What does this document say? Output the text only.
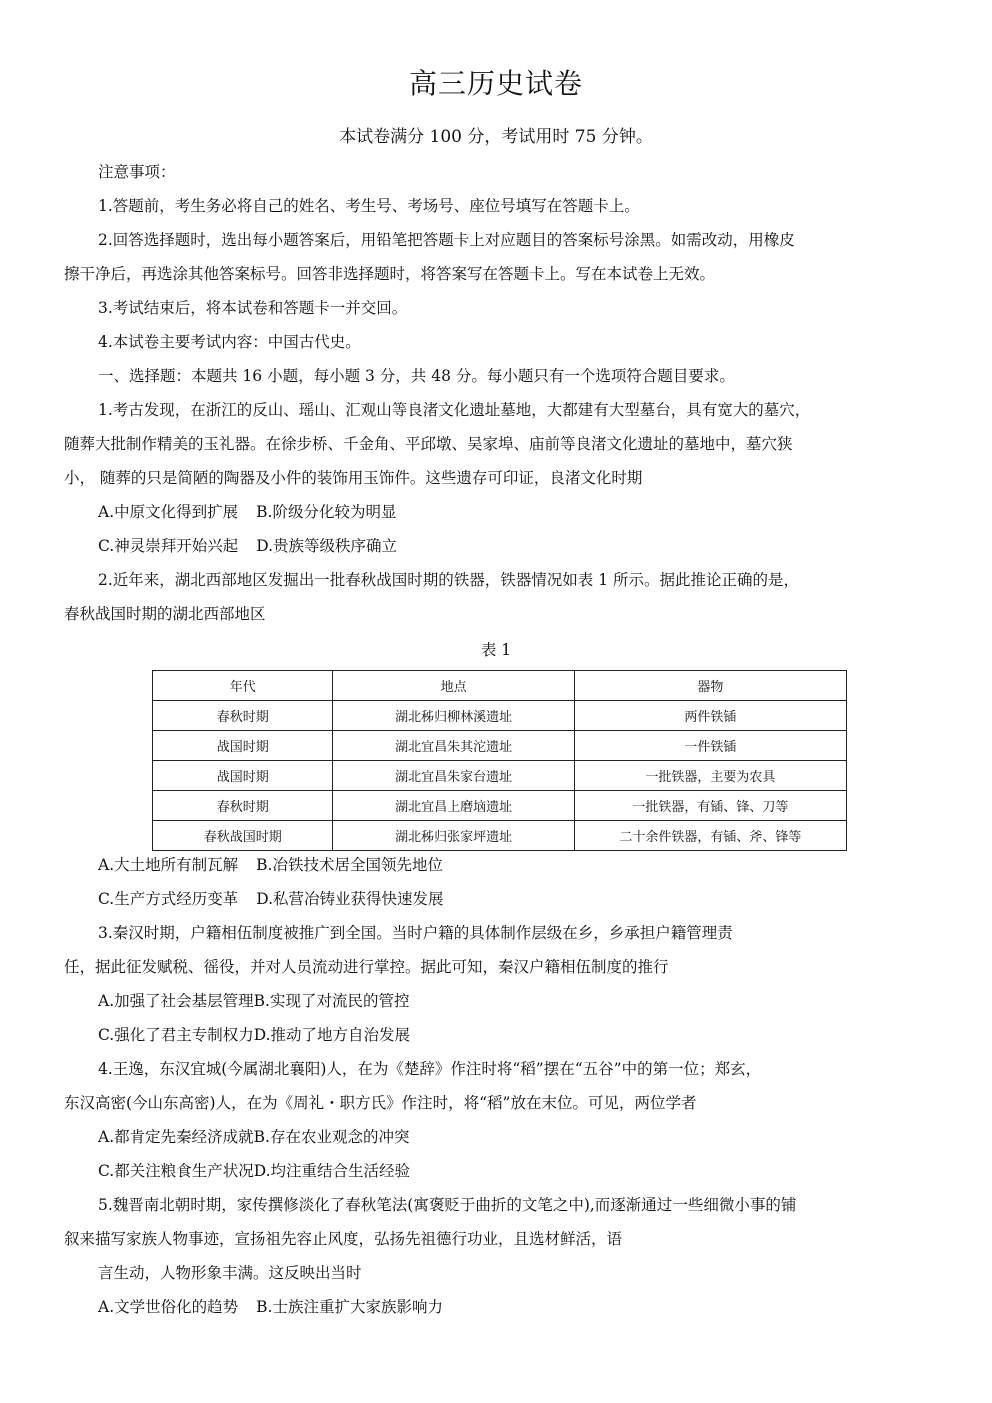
高三历史试卷
本试卷满分 100 分，考试用时 75 分钟。
注意事项：
1.答题前，考生务必将自己的姓名、考生号、考场号、座位号填写在答题卡上。
2.回答选择题时，选出每小题答案后，用铅笔把答题卡上对应题目的答案标号涂黑。如需改动，用橡皮
擦干净后，再选涂其他答案标号。回答非选择题时，将答案写在答题卡上。写在本试卷上无效。
3.考试结束后，将本试卷和答题卡一并交回。
4.本试卷主要考试内容：中国古代史。
一、选择题：本题共 16 小题，每小题 3 分，共 48 分。每小题只有一个选项符合题目要求。
1.考古发现，在浙江的反山、瑶山、汇观山等良渚文化遗址墓地，大都建有大型墓台，具有宽大的墓穴，
随葬大批制作精美的玉礼器。在徐步桥、千金角、平邱墩、吴家埠、庙前等良渚文化遗址的墓地中，墓穴狭
小， 随葬的只是简陋的陶器及小件的装饰用玉饰件。这些遗存可印证，良渚文化时期
A.中原文化得到扩展 B.阶级分化较为明显
C.神灵崇拜开始兴起 D.贵族等级秩序确立
2.近年来，湖北西部地区发掘出一批春秋战国时期的铁器，铁器情况如表 1 所示。据此推论正确的是，
春秋战国时期的湖北西部地区
表 1
年代	地点	器物
春秋时期	湖北秭归柳林溪遗址	两件铁锸
战国时期	湖北宜昌朱其沱遗址	一件铁锸
战国时期	湖北宜昌朱家台遗址	一批铁器，主要为农具
春秋时期	湖北宜昌上磨垴遗址	一批铁器，有锸、锋、刀等
春秋战国时期	湖北秭归张家坪遗址	二十余件铁器，有锸、斧、锋等
A.大土地所有制瓦解 B.冶铁技术居全国领先地位
C.生产方式经历变革 D.私营冶铸业获得快速发展
3.秦汉时期，户籍相伍制度被推广到全国。当时户籍的具体制作层级在乡，乡承担户籍管理责
任，据此征发赋税、徭役，并对人员流动进行掌控。据此可知，秦汉户籍相伍制度的推行
A.加强了社会基层管理B.实现了对流民的管控
C.强化了君主专制权力D.推动了地方自治发展
4.王逸，东汉宜城(今属湖北襄阳)人，在为《楚辞》作注时将“稻”摆在“五谷”中的第一位；郑玄，
东汉高密(今山东高密)人，在为《周礼・职方氏》作注时，将“稻”放在末位。可见，两位学者
A.都肯定先秦经济成就B.存在农业观念的冲突
C.都关注粮食生产状况D.均注重结合生活经验
5.魏晋南北朝时期，家传撰修淡化了春秋笔法(寓褒贬于曲折的文笔之中),而逐渐通过一些细微小事的铺
叙来描写家族人物事迹，宣扬祖先容止风度，弘扬先祖德行功业，且选材鲜活，语
言生动，人物形象丰满。这反映出当时
A.文学世俗化的趋势 B.士族注重扩大家族影响力
